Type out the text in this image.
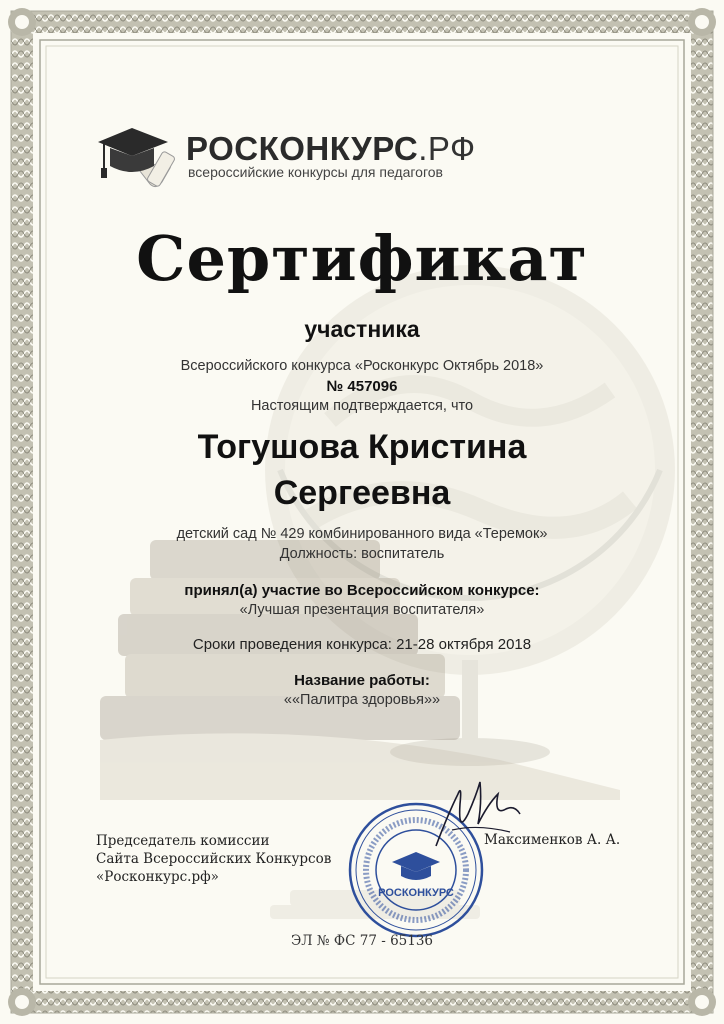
РОСКОНКУРС.РФ
всероссийские конкурсы для педагогов
Сертификат
участника
Всероссийского конкурса «Росконкурс Октябрь 2018»
№ 457096
Настоящим подтверждается, что
Тогушова Кристина
Сергеевна
детский сад № 429 комбинированного вида «Теремок»
Должность: воспитатель
принял(а) участие во Всероссийском конкурсе:
«Лучшая презентация воспитателя»
Сроки проведения конкурса: 21-28 октября 2018
Название работы:
««Палитра здоровья»»
Председатель комиссии
Сайта Всероссийских Конкурсов
«Росконкурс.рф»
РОСКОНКУРС
Максименков А. А.
ЭЛ № ФС 77 - 65136
